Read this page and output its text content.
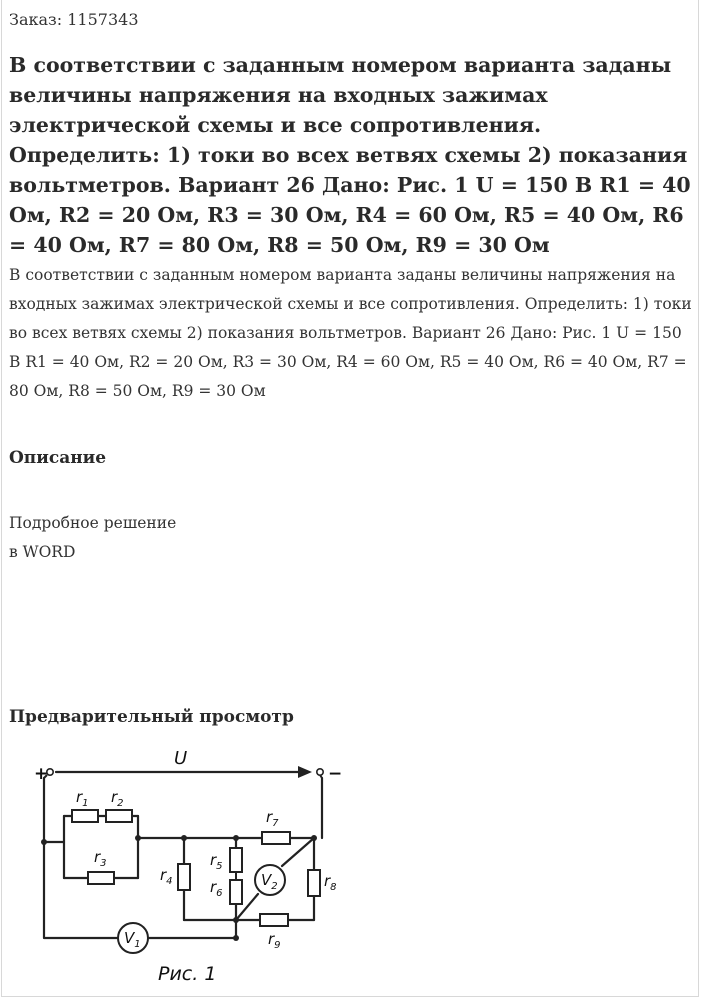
Заказ: 1157343
В соответствии с заданным номером варианта заданы величины напряжения на входных зажимах электрической схемы и все сопротивления. Определить: 1) токи во всех ветвях схемы 2) показания вольтметров. Вариант 26 Дано: Рис. 1 U = 150 В R1 = 40 Ом, R2 = 20 Ом, R3 = 30 Ом, R4 = 60 Ом, R5 = 40 Ом, R6 = 40 Ом, R7 = 80 Ом, R8 = 50 Ом, R9 = 30 Ом

В соответствии с заданным номером варианта заданы величины напряжения на входных зажимах электрической схемы и все сопротивления. Определить: 1) токи во всех ветвях схемы 2) показания вольтметров. Вариант 26 Дано: Рис. 1 U = 150 В R1 = 40 Ом, R2 = 20 Ом, R3 = 30 Ом, R4 = 60 Ом, R5 = 40 Ом, R6 = 40 Ом, R7 = 80 Ом, R8 = 50 Ом, R9 = 30 Ом

Описание
Подробное решение
в WORD
Предварительный просмотр
+	−
U
$r_1$ $r_2$
$r_3$
$r_4$
$r_5$
$r_6$
$r_7$
$r_8$
$r_9$
$V_1$
$V_2$
Рис. 1
